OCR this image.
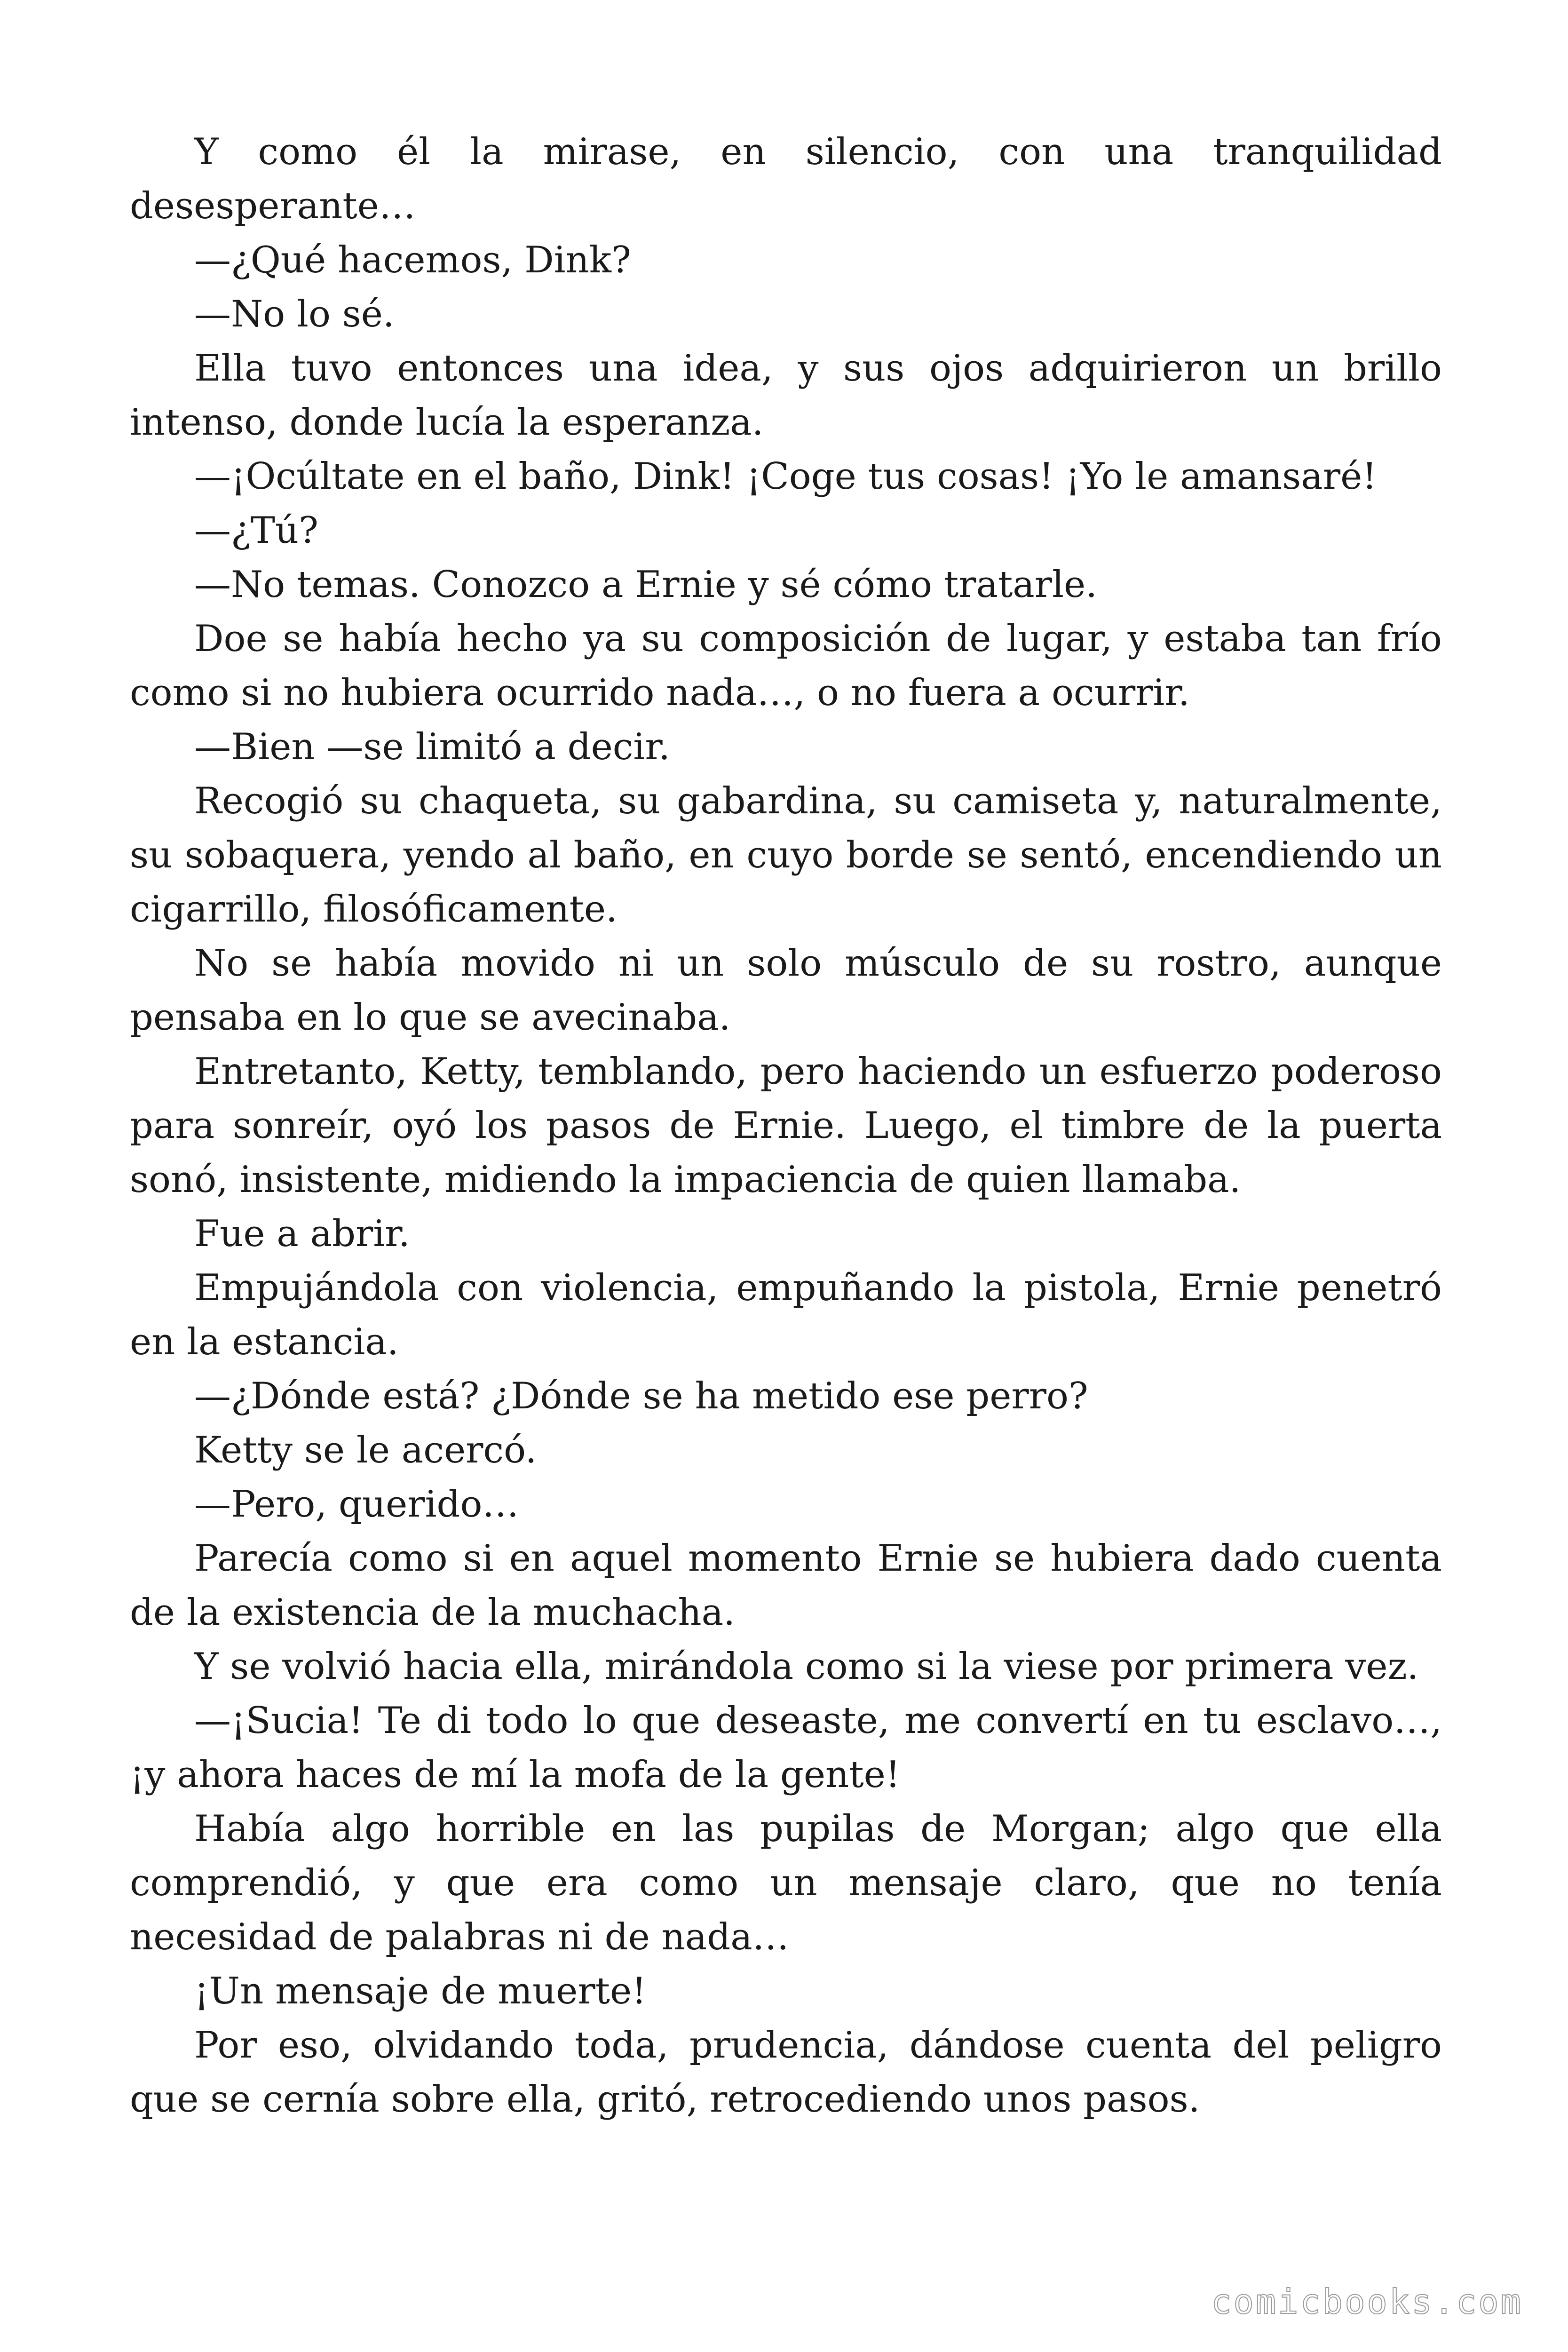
Y como él la mirase, en silencio, con una tranquilidad desesperante…

—¿Qué hacemos, Dink?

—No lo sé.

Ella tuvo entonces una idea, y sus ojos adquirieron un brillo intenso, donde lucía la esperanza.

—¡Ocúltate en el baño, Dink! ¡Coge tus cosas! ¡Yo le amansaré!

—¿Tú?

—No temas. Conozco a Ernie y sé cómo tratarle.

Doe se había hecho ya su composición de lugar, y estaba tan frío como si no hubiera ocurrido nada…, o no fuera a ocurrir.

—Bien —se limitó a decir.

Recogió su chaqueta, su gabardina, su camiseta y, naturalmente, su sobaquera, yendo al baño, en cuyo borde se sentó, encendiendo un cigarrillo, filosóficamente.

No se había movido ni un solo músculo de su rostro, aunque pensaba en lo que se avecinaba.

Entretanto, Ketty, temblando, pero haciendo un esfuerzo poderoso para sonreír, oyó los pasos de Ernie. Luego, el timbre de la puerta sonó, insistente, midiendo la impaciencia de quien llamaba.

Fue a abrir.

Empujándola con violencia, empuñando la pistola, Ernie penetró en la estancia.

—¿Dónde está? ¿Dónde se ha metido ese perro?

Ketty se le acercó.

—Pero, querido…

Parecía como si en aquel momento Ernie se hubiera dado cuenta de la existencia de la muchacha.

Y se volvió hacia ella, mirándola como si la viese por primera vez.

—¡Sucia! Te di todo lo que deseaste, me convertí en tu esclavo…, ¡y ahora haces de mí la mofa de la gente!

Había algo horrible en las pupilas de Morgan; algo que ella comprendió, y que era como un mensaje claro, que no tenía necesidad de palabras ni de nada…

¡Un mensaje de muerte!

Por eso, olvidando toda, prudencia, dándose cuenta del peligro que se cernía sobre ella, gritó, retrocediendo unos pasos.

comicbooks.com
